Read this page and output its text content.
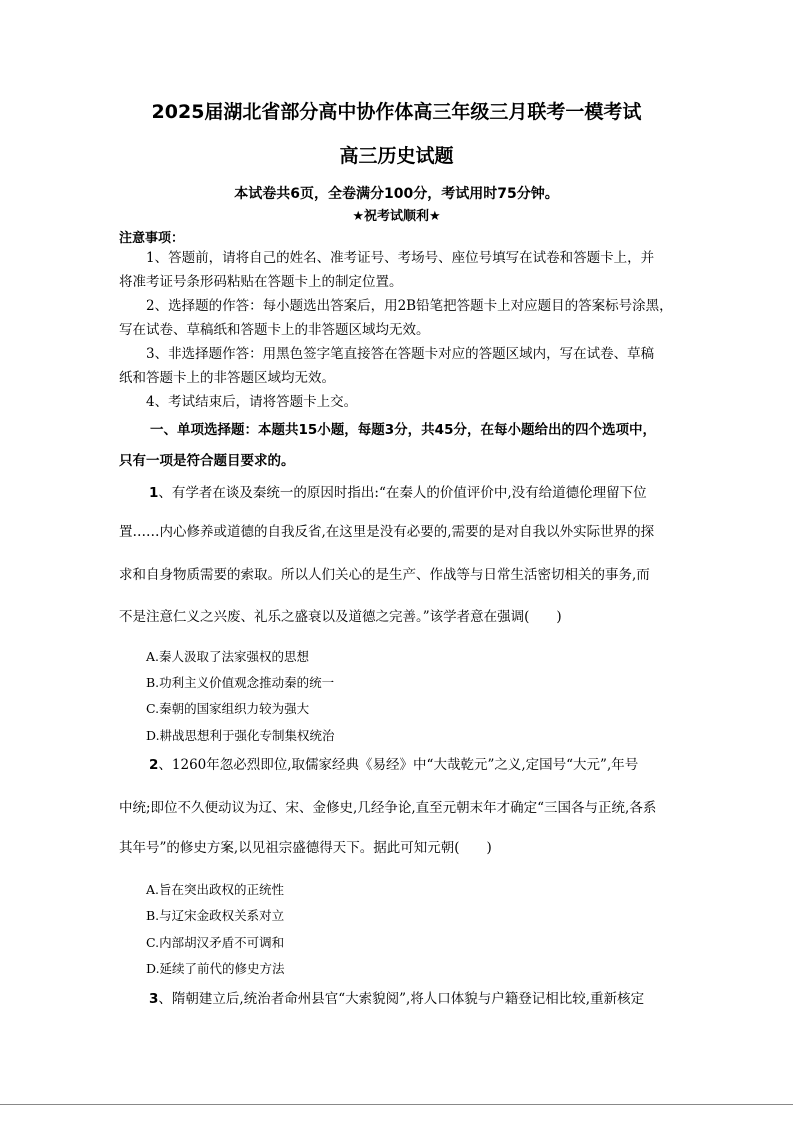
2025届湖北省部分高中协作体高三年级三月联考一模考试
高三历史试题
本试卷共6页，全卷满分100分，考试用时75分钟。
★祝考试顺利★
注意事项：
1、答题前，请将自己的姓名、准考证号、考场号、座位号填写在试卷和答题卡上，并
将准考证号条形码粘贴在答题卡上的制定位置。
2、选择题的作答：每小题选出答案后，用2B铅笔把答题卡上对应题目的答案标号涂黑，
写在试卷、草稿纸和答题卡上的非答题区域均无效。
3、非选择题作答：用黑色签字笔直接答在答题卡对应的答题区域内，写在试卷、草稿
纸和答题卡上的非答题区域均无效。
4、考试结束后，请将答题卡上交。
一、单项选择题：本题共15小题，每题3分，共45分，在每小题给出的四个选项中，
只有一项是符合题目要求的。
1、有学者在谈及秦统一的原因时指出:“在秦人的价值评价中,没有给道德伦理留下位
置……内心修养或道德的自我反省,在这里是没有必要的,需要的是对自我以外实际世界的探
求和自身物质需要的索取。所以人们关心的是生产、作战等与日常生活密切相关的事务,而
不是注意仁义之兴废、礼乐之盛衰以及道德之完善。”该学者意在强调(　　)
A.秦人汲取了法家强权的思想
B.功利主义价值观念推动秦的统一
C.秦朝的国家组织力较为强大
D.耕战思想利于强化专制集权统治
2、1260年忽必烈即位,取儒家经典《易经》中“大哉乾元”之义,定国号“大元”,年号
中统;即位不久便动议为辽、宋、金修史,几经争论,直至元朝末年才确定“三国各与正统,各系
其年号”的修史方案,以见祖宗盛德得天下。据此可知元朝(　　)
A.旨在突出政权的正统性
B.与辽宋金政权关系对立
C.内部胡汉矛盾不可调和
D.延续了前代的修史方法
3、隋朝建立后,统治者命州县官“大索貌阅”,将人口体貌与户籍登记相比较,重新核定
